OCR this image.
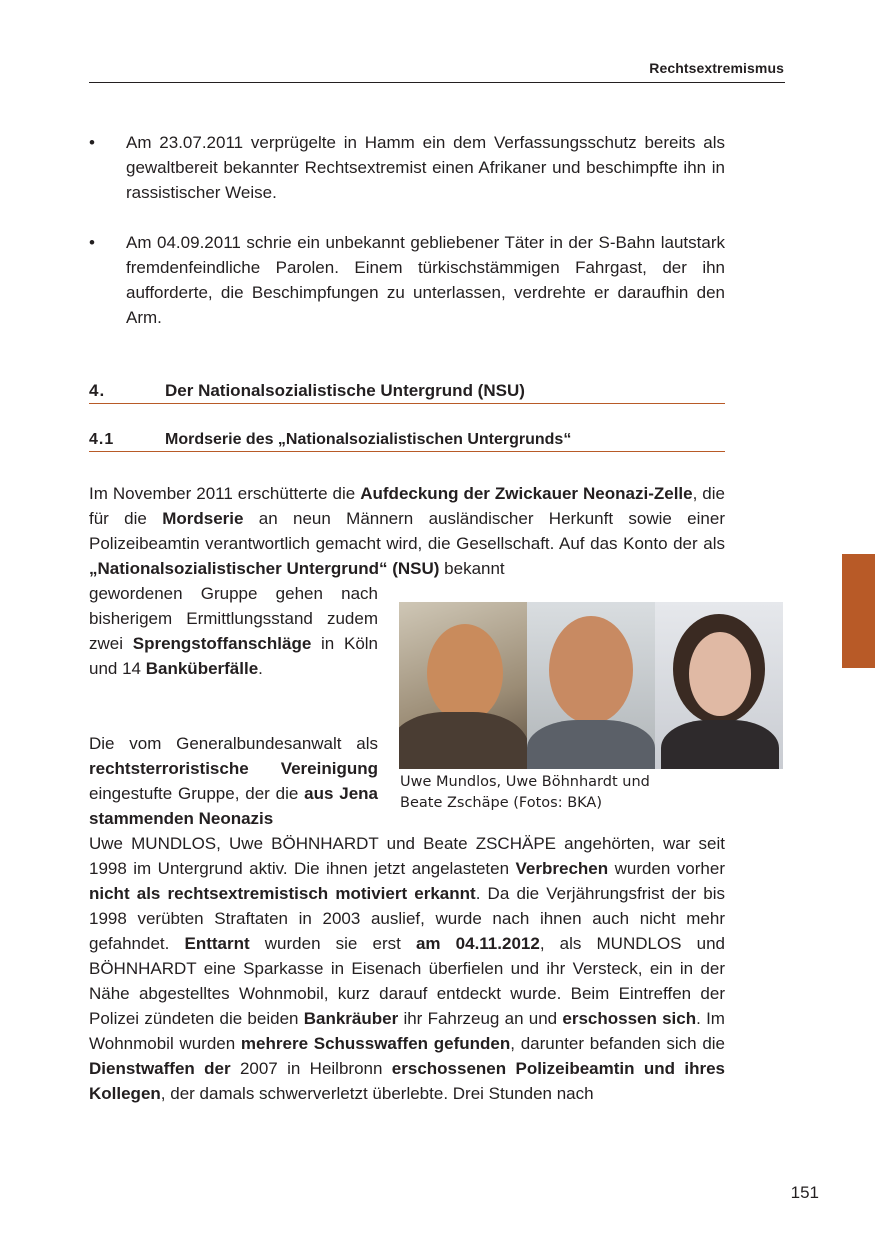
Rechtsextremismus
•	Am 23.07.2011 verprügelte in Hamm ein dem Verfassungsschutz bereits als gewaltbereit bekannter Rechtsextremist einen Afrikaner und beschimpfte ihn in rassistischer Weise.
•	Am 04.09.2011 schrie ein unbekannt gebliebener Täter in der S-Bahn lautstark fremdenfeindliche Parolen. Einem türkischstämmigen Fahrgast, der ihn aufforderte, die Beschimpfungen zu unterlassen, verdrehte er daraufhin den Arm.
4.	Der Nationalsozialistische Untergrund (NSU)
4.1	Mordserie des „Nationalsozialistischen Untergrunds“
Im November 2011 erschütterte die Aufdeckung der Zwickauer Neonazi-Zelle, die für die Mordserie an neun Männern ausländischer Herkunft sowie einer Polizeibeamtin verantwortlich gemacht wird, die Gesellschaft. Auf das Konto der als „Nationalsozialistischer Untergrund“ (NSU) bekannt
gewordenen Gruppe gehen nach bisherigem Ermittlungsstand zudem zwei Sprengstoffanschläge in Köln und 14 Banküberfälle.
Die vom Generalbundesanwalt als rechtsterroristische Vereinigung eingestufte Gruppe, der die aus Jena stammenden Neonazis
Uwe Mundlos, Uwe Böhnhardt und
Beate Zschäpe (Fotos: BKA)
Uwe MUNDLOS, Uwe BÖHNHARDT und Beate ZSCHÄPE angehörten, war seit 1998 im Untergrund aktiv. Die ihnen jetzt angelasteten Verbrechen wurden vorher nicht als rechtsextremistisch motiviert erkannt. Da die Verjährungsfrist der bis 1998 verübten Straftaten in 2003 auslief, wurde nach ihnen auch nicht mehr gefahndet. Enttarnt wurden sie erst am 04.11.2012, als MUNDLOS und BÖHNHARDT eine Sparkasse in Eisenach überfielen und ihr Versteck, ein in der Nähe abgestelltes Wohnmobil, kurz darauf entdeckt wurde. Beim Eintreffen der Polizei zündeten die beiden Bankräuber ihr Fahrzeug an und erschossen sich. Im Wohnmobil wurden mehrere Schusswaffen gefunden, darunter befanden sich die Dienstwaffen der 2007 in Heilbronn erschossenen Polizeibeamtin und ihres Kollegen, der damals schwerverletzt überlebte. Drei Stunden nach
151
